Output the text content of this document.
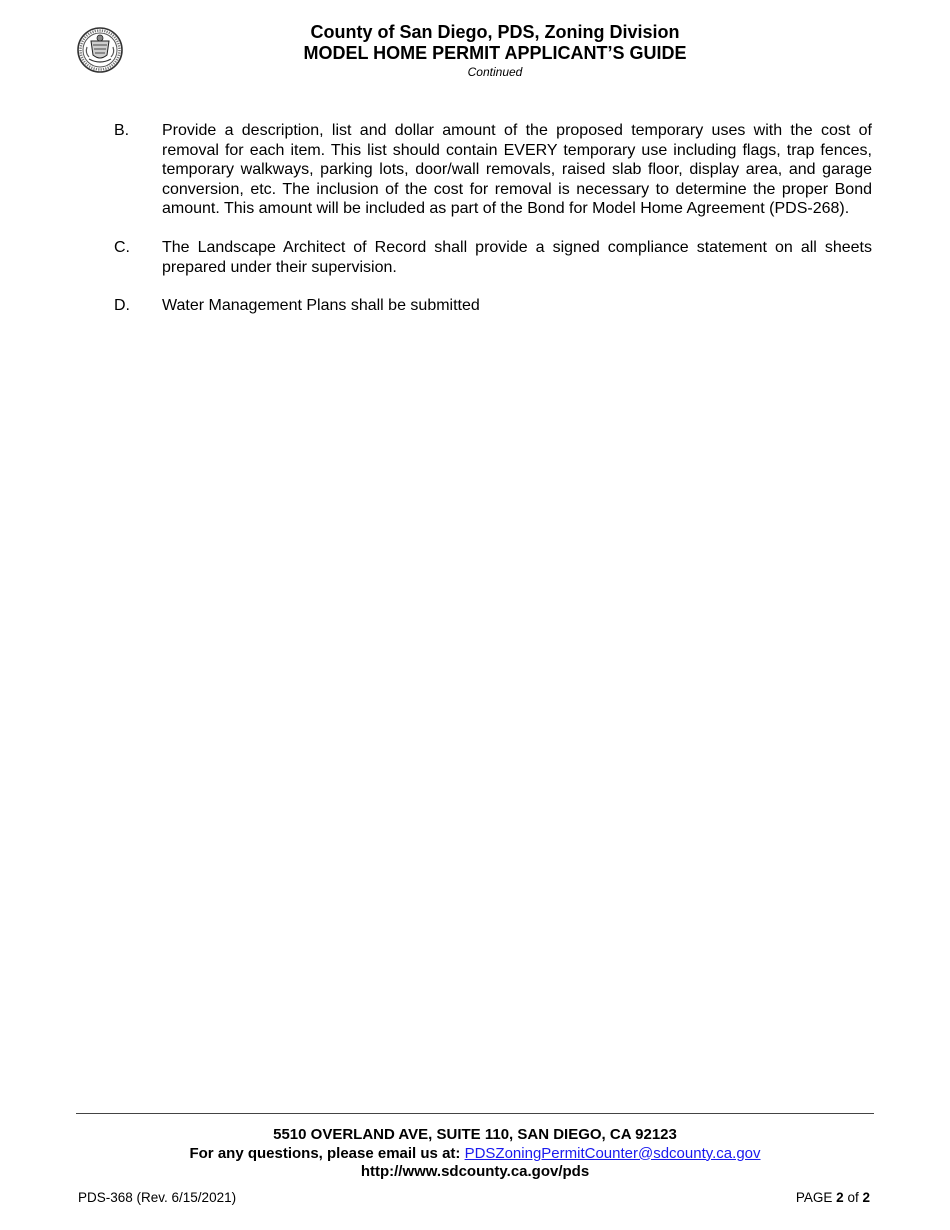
County of San Diego, PDS, Zoning Division
MODEL HOME PERMIT APPLICANT’S GUIDE
Continued
B.	Provide a description, list and dollar amount of the proposed temporary uses with the cost of removal for each item. This list should contain EVERY temporary use including flags, trap fences, temporary walkways, parking lots, door/wall removals, raised slab floor, display area, and garage conversion, etc. The inclusion of the cost for removal is necessary to determine the proper Bond amount. This amount will be included as part of the Bond for Model Home Agreement (PDS-268).
C.	The Landscape Architect of Record shall provide a signed compliance statement on all sheets prepared under their supervision.
D.	Water Management Plans shall be submitted
5510 OVERLAND AVE, SUITE 110, SAN DIEGO, CA 92123
For any questions, please email us at: PDSZoningPermitCounter@sdcounty.ca.gov
http://www.sdcounty.ca.gov/pds
PDS-368 (Rev. 6/15/2021)	PAGE 2 of 2
